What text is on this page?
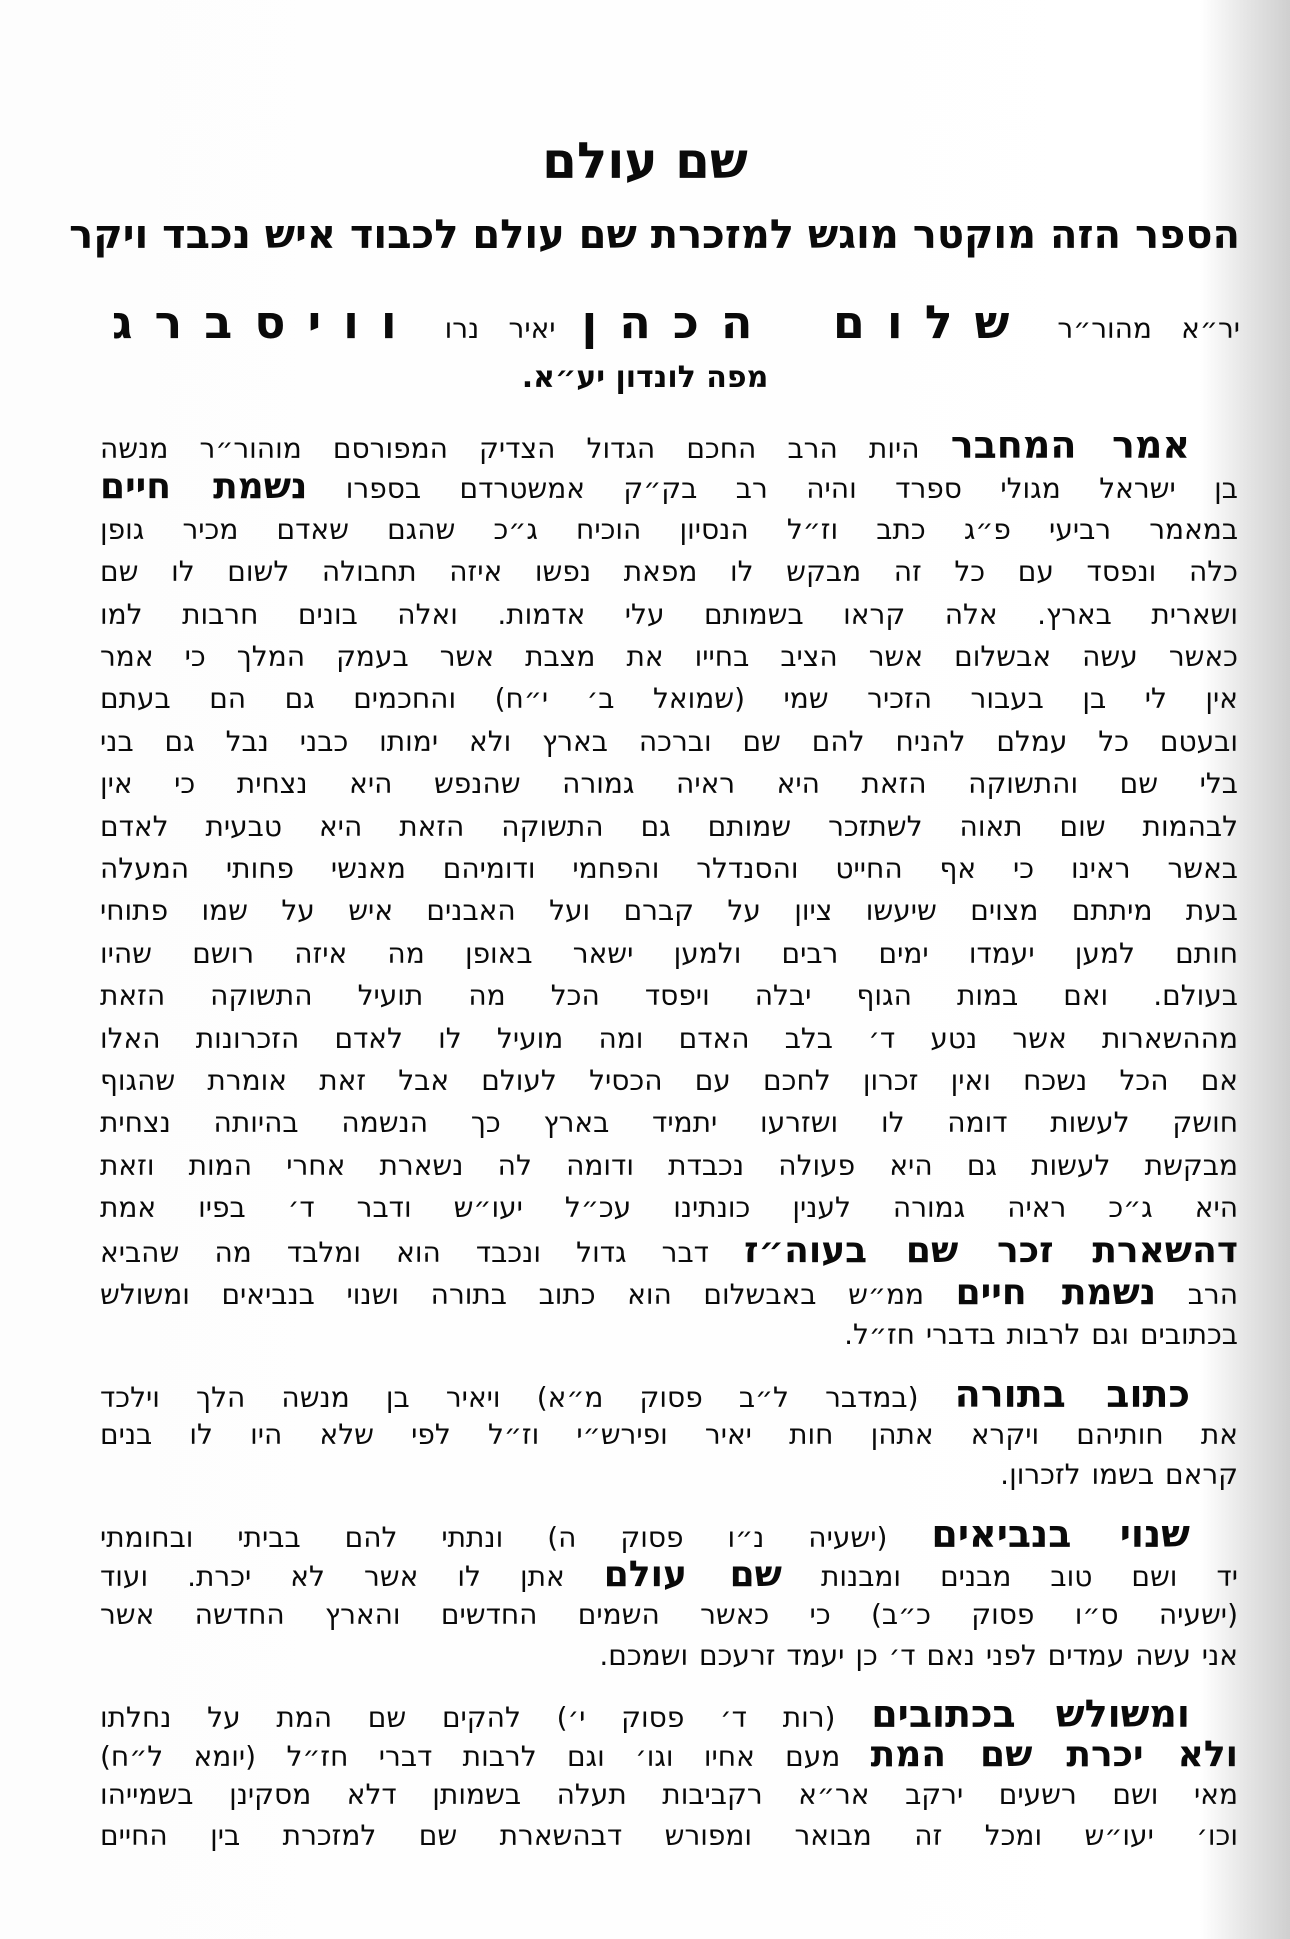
שם עולם
הספר הזה מוקטר מוגש למזכרת שם עולם לכבוד איש נכבד ויקר
יר״א מהור״ר שלום הכהן יאיר נרו וויסברג
מפה לונדון יע״א.
אמר המחבר היות הרב החכם הגדול הצדיק המפורסם מוהור״ר מנשה
בן ישראל מגולי ספרד והיה רב בק״ק אמשטרדם בספרו נשמת חיים
במאמר רביעי פ״ג כתב וז״ל הנסיון הוכיח ג״כ שהגם שאדם מכיר גופן
כלה ונפסד עם כל זה מבקש לו מפאת נפשו איזה תחבולה לשום לו שם
ושארית בארץ. אלה קראו בשמותם עלי אדמות. ואלה בונים חרבות למו
כאשר עשה אבשלום אשר הציב בחייו את מצבת אשר בעמק המלך כי אמר
אין לי בן בעבור הזכיר שמי (שמואל ב׳ י״ח) והחכמים גם הם בעתם
ובעטם כל עמלם להניח להם שם וברכה בארץ ולא ימותו כבני נבל גם בני
בלי שם והתשוקה הזאת היא ראיה גמורה שהנפש היא נצחית כי אין
לבהמות שום תאוה לשתזכר שמותם גם התשוקה הזאת היא טבעית לאדם
באשר ראינו כי אף החייט והסנדלר והפחמי ודומיהם מאנשי פחותי המעלה
בעת מיתתם מצוים שיעשו ציון על קברם ועל האבנים איש על שמו פתוחי
חותם למען יעמדו ימים רבים ולמען ישאר באופן מה איזה רושם שהיו
בעולם. ואם במות הגוף יבלה ויפסד הכל מה תועיל התשוקה הזאת
מההשארות אשר נטע ד׳ בלב האדם ומה מועיל לו לאדם הזכרונות האלו
אם הכל נשכח ואין זכרון לחכם עם הכסיל לעולם אבל זאת אומרת שהגוף
חושק לעשות דומה לו ושזרעו יתמיד בארץ כך הנשמה בהיותה נצחית
מבקשת לעשות גם היא פעולה נכבדת ודומה לה נשארת אחרי המות וזאת
היא ג״כ ראיה גמורה לענין כונתינו עכ״ל יעו״ש ודבר ד׳ בפיו אמת
דהשארת זכר שם בעוה״ז דבר גדול ונכבד הוא ומלבד מה שהביא
הרב נשמת חיים ממ״ש באבשלום הוא כתוב בתורה ושנוי בנביאים ומשולש
בכתובים וגם לרבות בדברי חז״ל.
כתוב בתורה (במדבר ל״ב פסוק מ״א) ויאיר בן מנשה הלך וילכד
את חותיהם ויקרא אתהן חות יאיר ופירש״י וז״ל לפי שלא היו לו בנים
קראם בשמו לזכרון.
שנוי בנביאים (ישעיה נ״ו פסוק ה) ונתתי להם בביתי ובחומתי
יד ושם טוב מבנים ומבנות שם עולם אתן לו אשר לא יכרת. ועוד
(ישעיה ס״ו פסוק כ״ב) כי כאשר השמים החדשים והארץ החדשה אשר
אני עשה עמדים לפני נאם ד׳ כן יעמד זרעכם ושמכם.
ומשולש בכתובים (רות ד׳ פסוק י׳) להקים שם המת על נחלתו
ולא יכרת שם המת מעם אחיו וגו׳ וגם לרבות דברי חז״ל (יומא ל״ח)
מאי ושם רשעים ירקב אר״א רקביבות תעלה בשמותן דלא מסקינן בשמייהו
וכו׳ יעו״ש ומכל זה מבואר ומפורש דבהשארת שם למזכרת בין החיים
